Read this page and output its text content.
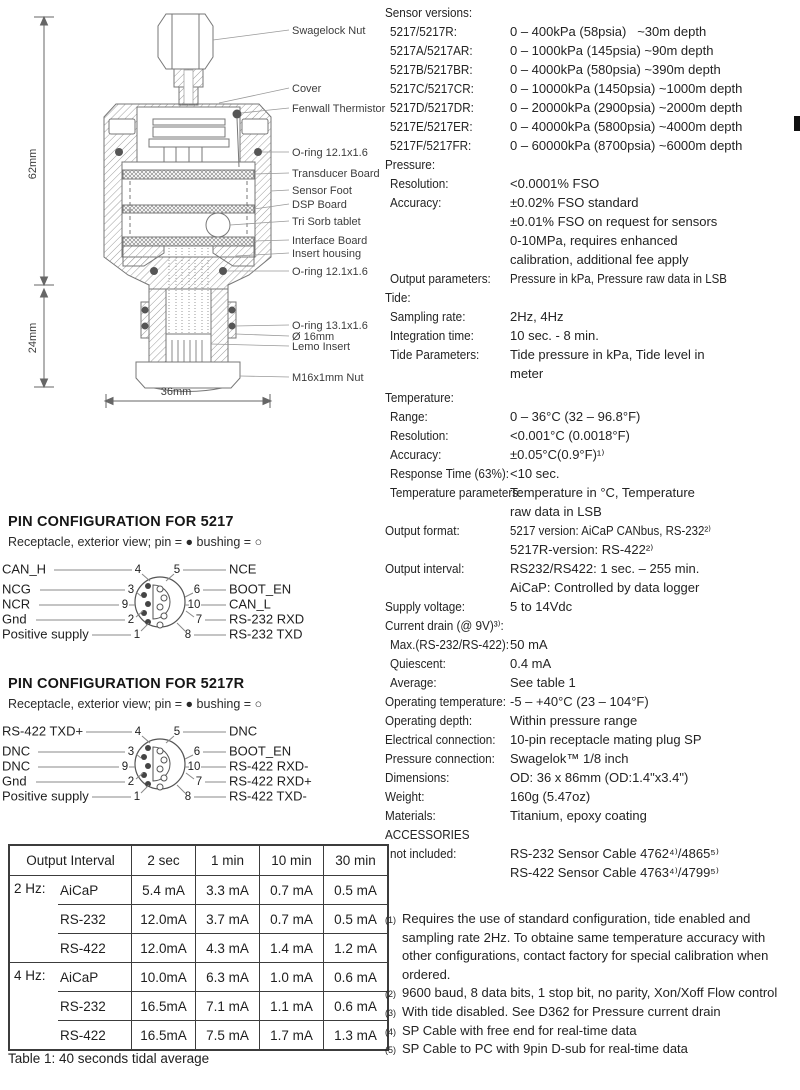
Swagelock Nut
Cover
Fenwall Thermistor
O-ring 12.1x1.6
Transducer Board
Sensor Foot
DSP Board
Tri Sorb tablet
Interface Board
Insert housing
O-ring 12.1x1.6
O-ring 13.1x1.6
Ø 16mm
Lemo Insert
M16x1mm Nut
62mm
24mm
36mm
PIN CONFIGURATION FOR 5217
Receptacle, exterior view; pin = ● bushing = ○
4
3
9
2
1
5
6
10
7
8
CAN_H
NCG
NCR
Gnd
Positive supply
NCE
BOOT_EN
CAN_L
RS-232 RXD
RS-232 TXD
PIN CONFIGURATION FOR 5217R
Receptacle, exterior view; pin = ● bushing = ○
4
3
9
2
1
5
6
10
7
8
RS-422 TXD+
DNC
DNC
Gnd
Positive supply
DNC
BOOT_EN
RS-422 RXD-
RS-422 RXD+
RS-422 TXD-
Output Interval		2 sec	1 min	10 min	30 min
2 Hz:	AiCaP	5.4 mA	3.3 mA	0.7 mA	0.5 mA
	RS-232	12.0mA	3.7 mA	0.7 mA	0.5 mA
	RS-422	12.0mA	4.3 mA	1.4 mA	1.2 mA
4 Hz:	AiCaP	10.0mA	6.3 mA	1.0 mA	0.6 mA
	RS-232	16.5mA	7.1 mA	1.1 mA	0.6 mA
	RS-422	16.5mA	7.5 mA	1.7 mA	1.3 mA
Table 1: 40 seconds tidal average
Sensor versions:
5217/5217R:	0 – 400kPa (58psia)   ~30m depth
5217A/5217AR:	0 – 1000kPa (145psia) ~90m depth
5217B/5217BR:	0 – 4000kPa (580psia) ~390m depth
5217C/5217CR:	0 – 10000kPa (1450psia) ~1000m depth
5217D/5217DR:	0 – 20000kPa (2900psia) ~2000m depth
5217E/5217ER:	0 – 40000kPa (5800psia) ~4000m depth
5217F/5217FR:	0 – 60000kPa (8700psia) ~6000m depth
Pressure:
Resolution:	<0.0001% FSO
Accuracy:	±0.02% FSO standard
±0.01% FSO on request for sensors
0-10MPa, requires enhanced
calibration, additional fee apply
Output parameters: Pressure in kPa, Pressure raw data in LSB
Tide:
Sampling rate:	2Hz, 4Hz
Integration time:	10 sec. - 8 min.
Tide Parameters: Tide pressure in kPa, Tide level in
meter
Temperature:
Range:	0 – 36°C (32 – 96.8°F)
Resolution:	<0.001°C (0.0018°F)
Accuracy:	±0.05°C(0.9°F)¹⁾
Response Time (63%): <10 sec.
Temperature parameters:
Temperature in °C, Temperature
raw data in LSB
Output format:	5217 version: AiCaP CANbus, RS-232²⁾
5217R-version: RS-422²⁾
Output interval:	RS232/RS422: 1 sec. – 255 min.
AiCaP: Controlled by data logger
Supply voltage:	5 to 14Vdc
Current drain (@ 9V)³⁾:
Max.(RS-232/RS-422): 50 mA
Quiescent:	0.4 mA
Average:	See table 1
Operating temperature: -5 – +40°C (23 – 104°F)
Operating depth:	Within pressure range
Electrical connection: 10-pin receptacle mating plug SP
Pressure connection: Swagelok™ 1/8 inch
Dimensions:	OD: 36 x 86mm (OD:1.4"x3.4")
Weight:	160g (5.47oz)
Materials:	Titanium, epoxy coating
ACCESSORIES
not included:	RS-232 Sensor Cable 4762⁴⁾/4865⁵⁾
RS-422 Sensor Cable 4763⁴⁾/4799⁵⁾
(1) Requires the use of standard configuration, tide enabled and sampling rate 2Hz. To obtaine same temperature accuracy with other configurations, contact factory for special calibration when ordered.
(2) 9600 baud, 8 data bits, 1 stop bit, no parity, Xon/Xoff Flow control
(3) With tide disabled. See D362 for Pressure current drain
(4) SP Cable with free end for real-time data
(5) SP Cable to PC with 9pin D-sub for real-time data
